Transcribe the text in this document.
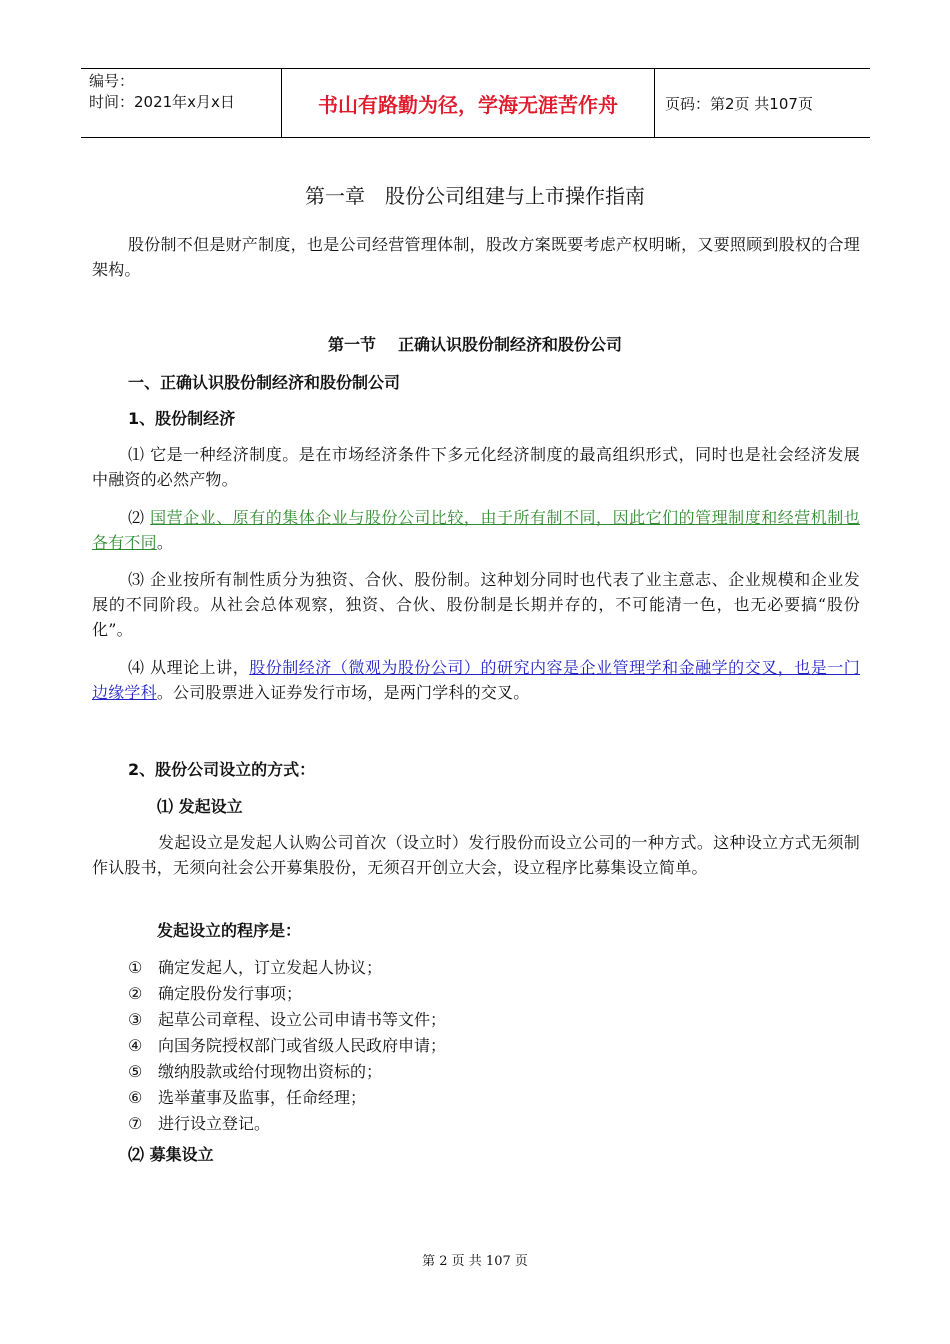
编号：
时间：2021年x月x日	书山有路勤为径，学海无涯苦作舟	页码：第2页 共107页
第一章 股份公司组建与上市操作指南
股份制不但是财产制度，也是公司经营管理体制，股改方案既要考虑产权明晰，又要照顾到股权的合理架构。
第一节 正确认识股份制经济和股份公司
一、正确认识股份制经济和股份制公司
1、股份制经济
⑴ 它是一种经济制度。是在市场经济条件下多元化经济制度的最高组织形式，同时也是社会经济发展中融资的必然产物。
⑵ 国营企业、原有的集体企业与股份公司比较，由于所有制不同，因此它们的管理制度和经营机制也各有不同。
⑶ 企业按所有制性质分为独资、合伙、股份制。这种划分同时也代表了业主意志、企业规模和企业发展的不同阶段。从社会总体观察，独资、合伙、股份制是长期并存的，不可能清一色，也无必要搞“股份化”。
⑷ 从理论上讲，股份制经济（微观为股份公司）的研究内容是企业管理学和金融学的交叉，也是一门边缘学科。公司股票进入证券发行市场，是两门学科的交叉。
2、股份公司设立的方式：
⑴ 发起设立
发起设立是发起人认购公司首次（设立时）发行股份而设立公司的一种方式。这种设立方式无须制作认股书，无须向社会公开募集股份，无须召开创立大会，设立程序比募集设立简单。
发起设立的程序是：
① 确定发起人，订立发起人协议；
② 确定股份发行事项；
③ 起草公司章程、设立公司申请书等文件；
④ 向国务院授权部门或省级人民政府申请；
⑤ 缴纳股款或给付现物出资标的；
⑥ 选举董事及监事，任命经理；
⑦ 进行设立登记。
⑵ 募集设立
第 2 页 共 107 页
